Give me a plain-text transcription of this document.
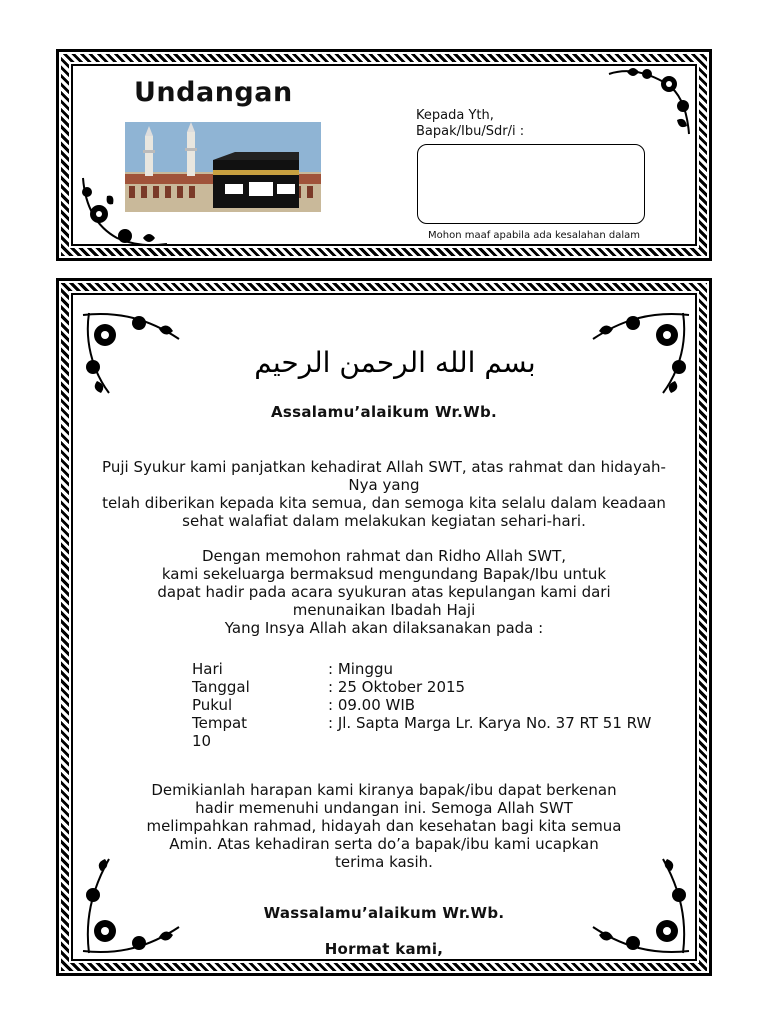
Undangan
Kepada Yth,
Bapak/Ibu/Sdr/i :
Mohon maaf apabila ada kesalahan dalam
بسم الله الرحمن الرحيم
Assalamu’alaikum Wr.Wb.
Puji Syukur kami panjatkan kehadirat Allah SWT, atas rahmat dan hidayah-
Nya yang
telah diberikan kepada kita semua, dan semoga kita selalu dalam keadaan
sehat walafiat dalam melakukan kegiatan sehari-hari.
Dengan memohon rahmat dan Ridho Allah SWT,
kami sekeluarga bermaksud mengundang Bapak/Ibu untuk
dapat hadir pada acara syukuran atas kepulangan kami dari
menunaikan Ibadah Haji
Yang Insya Allah akan dilaksanakan pada :
Hari	: Minggu
Tanggal	: 25 Oktober 2015
Pukul	: 09.00 WIB
Tempat	: Jl. Sapta Marga Lr. Karya No. 37 RT 51 RW
10
Demikianlah harapan kami kiranya bapak/ibu dapat berkenan
hadir memenuhi undangan ini. Semoga Allah SWT
melimpahkan rahmad, hidayah dan kesehatan bagi kita semua
Amin. Atas kehadiran serta do’a bapak/ibu kami ucapkan
terima kasih.
Wassalamu’alaikum Wr.Wb.
Hormat kami,
